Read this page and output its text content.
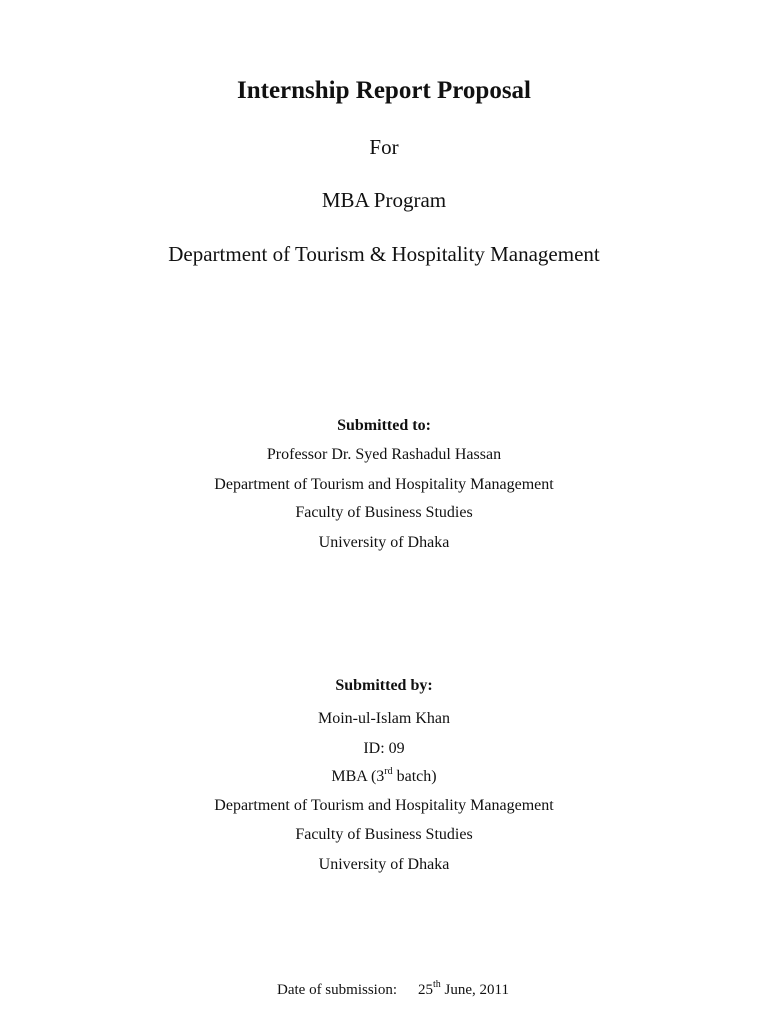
Internship Report Proposal
For
MBA Program
Department of Tourism & Hospitality Management
Submitted to:
Professor Dr. Syed Rashadul Hassan
Department of Tourism and Hospitality Management
Faculty of Business Studies
University of Dhaka
Submitted by:
Moin-ul-Islam Khan
ID: 09
MBA (3rd batch)
Department of Tourism and Hospitality Management
Faculty of Business Studies
University of Dhaka
Date of submission: 25th June, 2011
